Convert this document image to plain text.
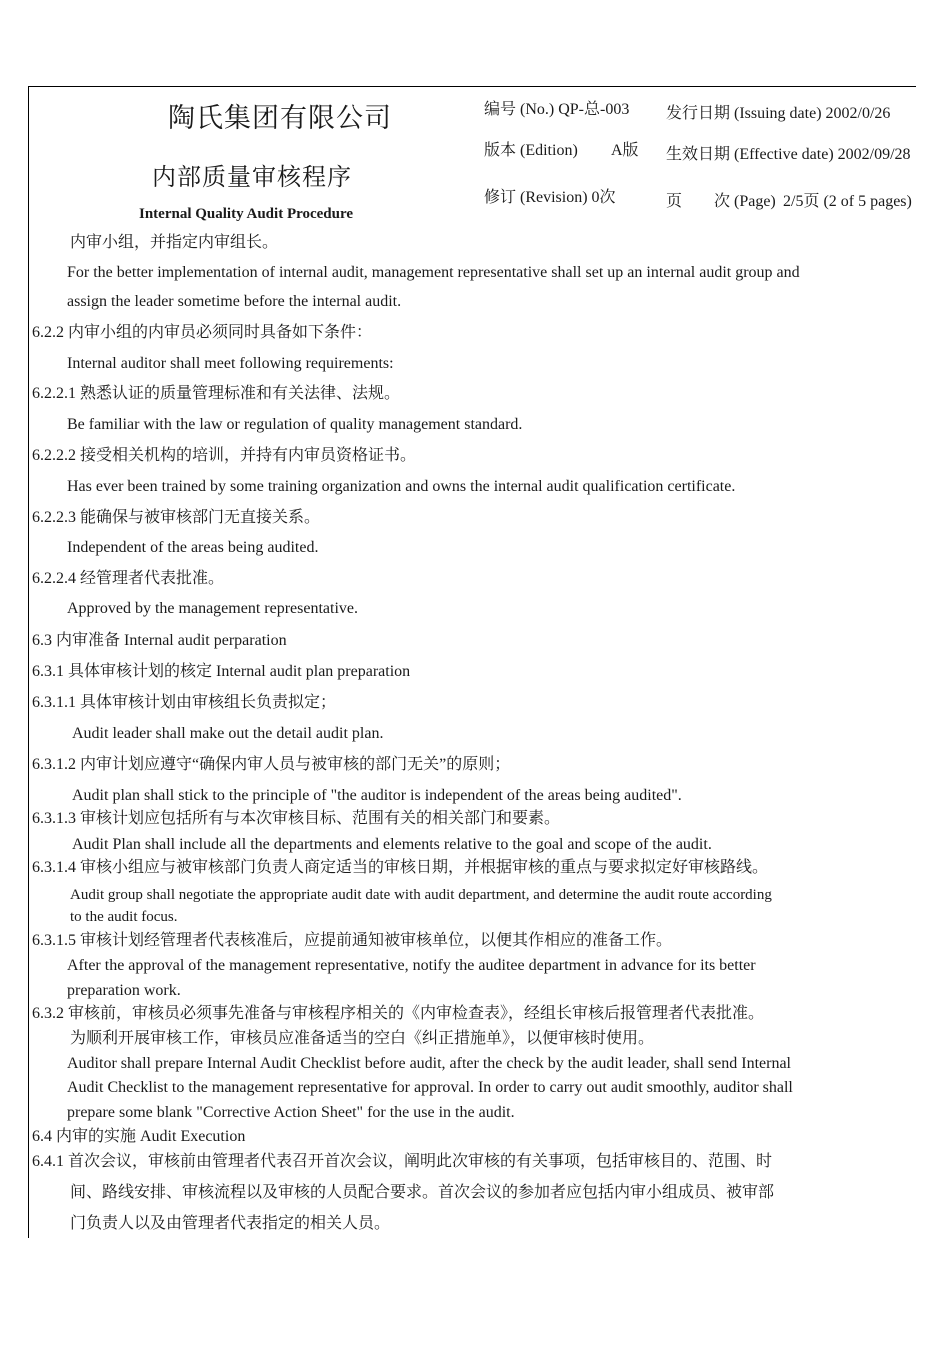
陶氏集团有限公司
内部质量审核程序
Internal Quality Audit Procedure
编号 (No.) QP-总-003 发行日期 (Issuing date) 2002/0/26
版本 (Edition) A版 生效日期 (Effective date) 2002/09/28
修订 (Revision) 0次	页　　次 (Page) 2/5页 (2 of 5 pages)
内审小组，并指定内审组长。
For the better implementation of internal audit, management representative shall set up an internal audit group and
assign the leader sometime before the internal audit.
6.2.2 内审小组的内审员必须同时具备如下条件：
Internal auditor shall meet following requirements:
6.2.2.1 熟悉认证的质量管理标准和有关法律、法规。
Be familiar with the law or regulation of quality management standard.
6.2.2.2 接受相关机构的培训，并持有内审员资格证书。
Has ever been trained by some training organization and owns the internal audit qualification certificate.
6.2.2.3 能确保与被审核部门无直接关系。
Independent of the areas being audited.
6.2.2.4 经管理者代表批准。
Approved by the management representative.
6.3 内审准备 Internal audit perparation
6.3.1 具体审核计划的核定 Internal audit plan preparation
6.3.1.1 具体审核计划由审核组长负责拟定；
Audit leader shall make out the detail audit plan.
6.3.1.2 内审计划应遵守“确保内审人员与被审核的部门无关”的原则；
Audit plan shall stick to the principle of "the auditor is independent of the areas being audited".
6.3.1.3 审核计划应包括所有与本次审核目标、范围有关的相关部门和要素。
Audit Plan shall include all the departments and elements relative to the goal and scope of the audit.
6.3.1.4 审核小组应与被审核部门负责人商定适当的审核日期，并根据审核的重点与要求拟定好审核路线。
Audit group shall negotiate the appropriate audit date with audit department, and determine the audit route according
to the audit focus.
6.3.1.5 审核计划经管理者代表核准后，应提前通知被审核单位，以便其作相应的准备工作。
After the approval of the management representative, notify the auditee department in advance for its better
preparation work.
6.3.2 审核前，审核员必须事先准备与审核程序相关的《内审检查表》，经组长审核后报管理者代表批准。
为顺利开展审核工作，审核员应准备适当的空白《纠正措施单》，以便审核时使用。
Auditor shall prepare Internal Audit Checklist before audit, after the check by the audit leader, shall send Internal
Audit Checklist to the management representative for approval. In order to carry out audit smoothly, auditor shall
prepare some blank "Corrective Action Sheet" for the use in the audit.
6.4 内审的实施 Audit Execution
6.4.1 首次会议，审核前由管理者代表召开首次会议，阐明此次审核的有关事项，包括审核目的、范围、时
间、路线安排、审核流程以及审核的人员配合要求。首次会议的参加者应包括内审小组成员、被审部
门负责人以及由管理者代表指定的相关人员。
